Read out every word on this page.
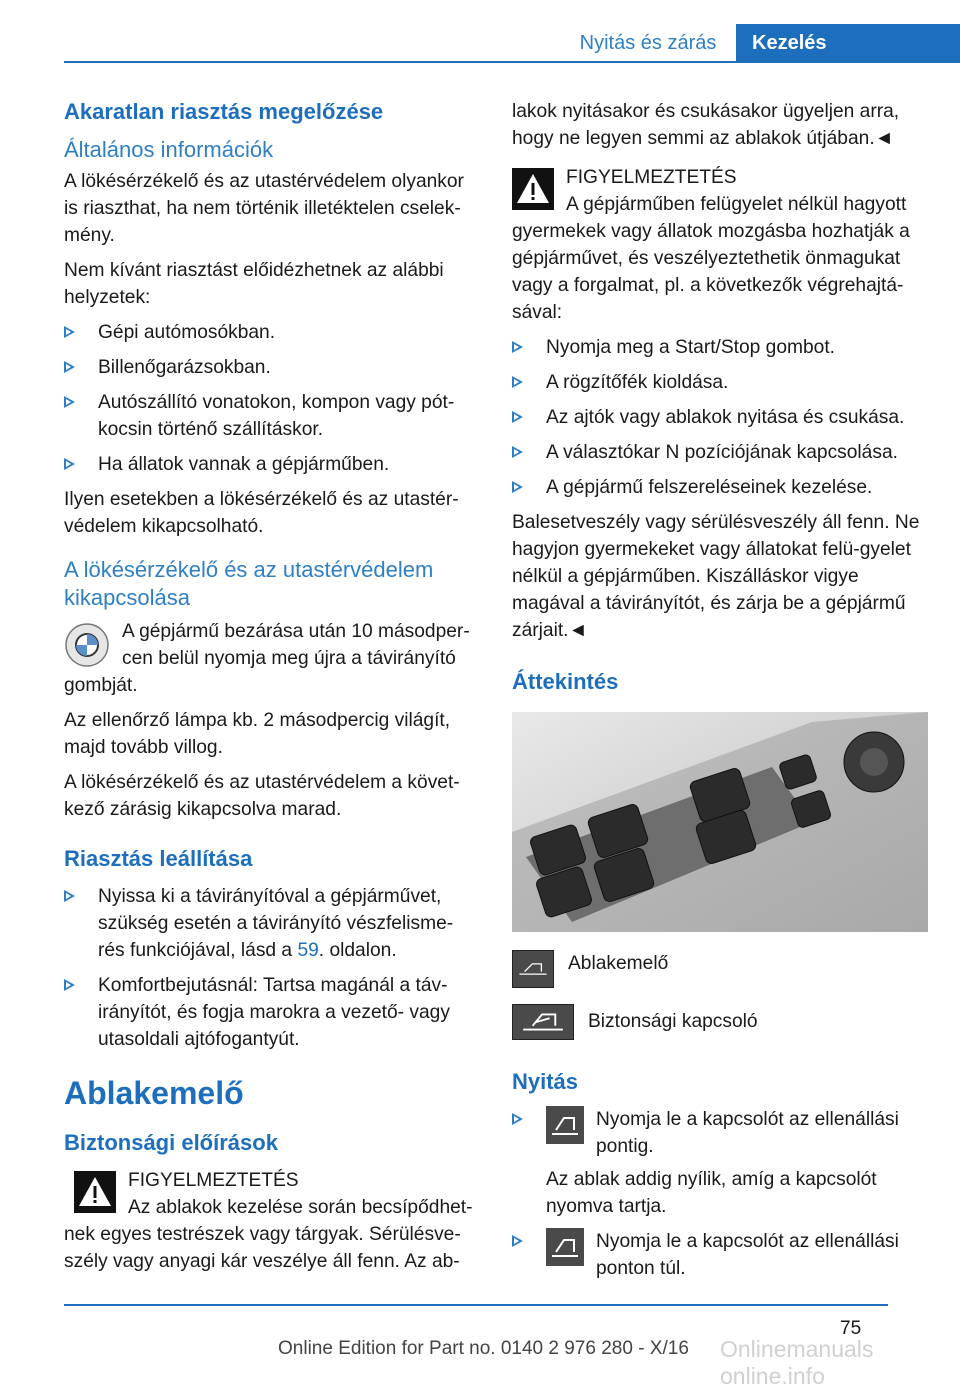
Nyitás és zárás	Kezelés
Akaratlan riasztás megelőzése
Általános információk

A lökésérzékelő és az utastérvédelem olyankor is riaszthat, ha nem történik illetéktelen cselek-mény.

Nem kívánt riasztást előidézhetnek az alábbi helyzetek:

Gépi autómosókban.
Billenőgarázsokban.
Autószállító vonatokon, kompon vagy pót-kocsin történő szállításkor.
Ha állatok vannak a gépjárműben.

Ilyen esetekben a lökésérzékelő és az utastér-védelem kikapcsolható.

A lökésérzékelő és az utastérvédelem kikapcsolása

A gépjármű bezárása után 10 másodper-cen belül nyomja meg újra a távirányító gombját.

Az ellenőrző lámpa kb. 2 másodpercig világít, majd tovább villog.

A lökésérzékelő és az utastérvédelem a követ-kező zárásig kikapcsolva marad.

Riasztás leállítása
Nyissa ki a távirányítóval a gépjárművet, szükség esetén a távirányító vészfelisme-rés funkciójával, lásd a 59. oldalon.
Komfortbejutásnál: Tartsa magánál a táv-irányítót, és fogja marokra a vezető- vagy utasoldali ajtófogantyút.
Ablakemelő
Biztonsági előírások
FIGYELMEZTETÉS

Az ablakok kezelése során becsípődhet-nek egyes testrészek vagy tárgyak. Sérülésve-szély vagy anyagi kár veszélye áll fenn. Az ab-

lakok nyitásakor és csukásakor ügyeljen arra, hogy ne legyen semmi az ablakok útjában.◄

FIGYELMEZTETÉS

A gépjárműben felügyelet nélkül hagyott gyermekek vagy állatok mozgásba hozhatják a gépjárművet, és veszélyeztethetik önmagukat vagy a forgalmat, pl. a következők végrehajtá-sával:

Nyomja meg a Start/Stop gombot.
A rögzítőfék kioldása.
Az ajtók vagy ablakok nyitása és csukása.
A választókar N pozíciójának kapcsolása.
A gépjármű felszereléseinek kezelése.

Balesetveszély vagy sérülésveszély áll fenn. Ne hagyjon gyermekeket vagy állatokat felü-gyelet nélkül a gépjárműben. Kiszálláskor vigye magával a távirányítót, és zárja be a gépjármű zárjait.◄

Áttekintés
Ablakemelő
Biztonsági kapcsoló
Nyitás
Nyomja le a kapcsolót az ellenállási pontig.
Az ablak addig nyílik, amíg a kapcsolót nyomva tartja.
Nyomja le a kapcsolót az ellenállási ponton túl.
75
Online Edition for Part no. 0140 2 976 280 - X/16 Onlinemanuals online.info
